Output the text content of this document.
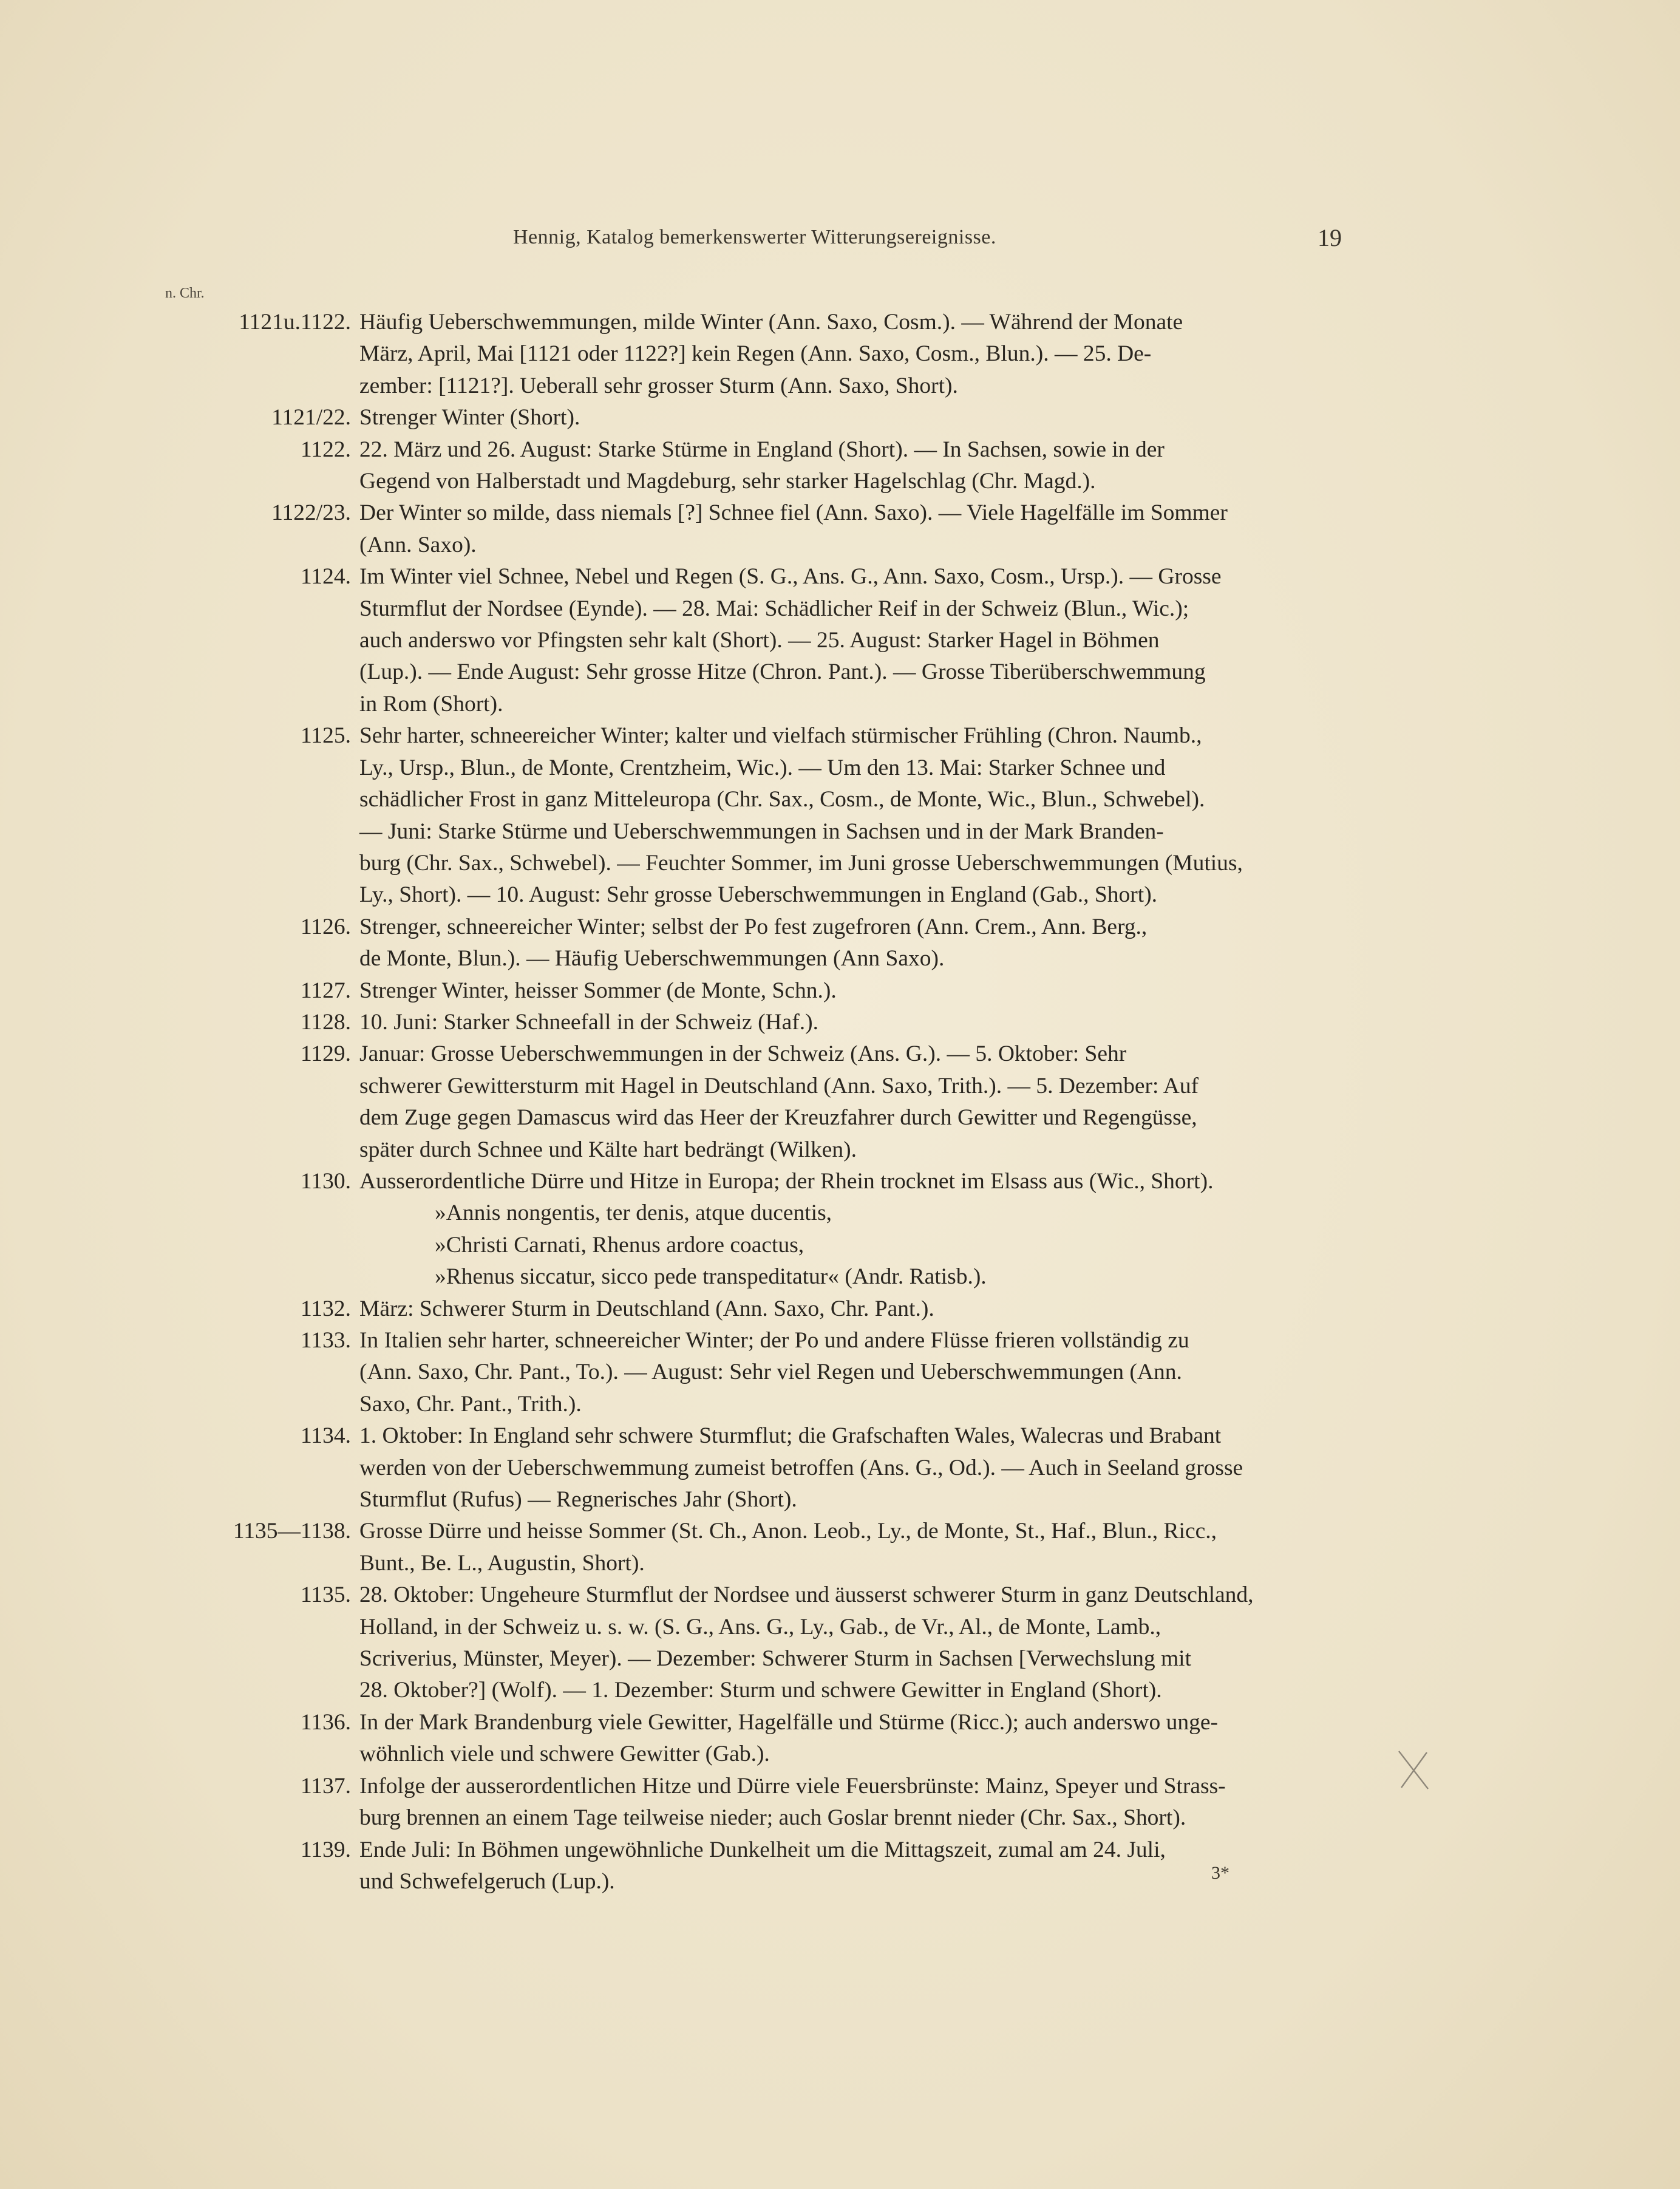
Hennig, Katalog bemerkenswerter Witterungsereignisse.	19
n. Chr.
1121u.1122. Häufig Ueberschwemmungen, milde Winter (Ann. Saxo, Cosm.). — Während der Monate
März, April, Mai [1121 oder 1122?] kein Regen (Ann. Saxo, Cosm., Blun.). — 25. De-
zember: [1121?]. Ueberall sehr grosser Sturm (Ann. Saxo, Short).
1121/22. Strenger Winter (Short).
1122. 22. März und 26. August: Starke Stürme in England (Short). — In Sachsen, sowie in der
Gegend von Halberstadt und Magdeburg, sehr starker Hagelschlag (Chr. Magd.).
1122/23. Der Winter so milde, dass niemals [?] Schnee fiel (Ann. Saxo). — Viele Hagelfälle im Sommer
(Ann. Saxo).
1124. Im Winter viel Schnee, Nebel und Regen (S. G., Ans. G., Ann. Saxo, Cosm., Ursp.). — Grosse
Sturmflut der Nordsee (Eynde). — 28. Mai: Schädlicher Reif in der Schweiz (Blun., Wic.);
auch anderswo vor Pfingsten sehr kalt (Short). — 25. August: Starker Hagel in Böhmen
(Lup.). — Ende August: Sehr grosse Hitze (Chron. Pant.). — Grosse Tiberüberschwemmung
in Rom (Short).
1125. Sehr harter, schneereicher Winter; kalter und vielfach stürmischer Frühling (Chron. Naumb.,
Ly., Ursp., Blun., de Monte, Crentzheim, Wic.). — Um den 13. Mai: Starker Schnee und
schädlicher Frost in ganz Mitteleuropa (Chr. Sax., Cosm., de Monte, Wic., Blun., Schwebel).
— Juni: Starke Stürme und Ueberschwemmungen in Sachsen und in der Mark Branden-
burg (Chr. Sax., Schwebel). — Feuchter Sommer, im Juni grosse Ueberschwemmungen (Mutius,
Ly., Short). — 10. August: Sehr grosse Ueberschwemmungen in England (Gab., Short).
1126. Strenger, schneereicher Winter; selbst der Po fest zugefroren (Ann. Crem., Ann. Berg.,
de Monte, Blun.). — Häufig Ueberschwemmungen (Ann Saxo).
1127. Strenger Winter, heisser Sommer (de Monte, Schn.).
1128. 10. Juni: Starker Schneefall in der Schweiz (Haf.).
1129. Januar: Grosse Ueberschwemmungen in der Schweiz (Ans. G.). — 5. Oktober: Sehr
schwerer Gewittersturm mit Hagel in Deutschland (Ann. Saxo, Trith.). — 5. Dezember: Auf
dem Zuge gegen Damascus wird das Heer der Kreuzfahrer durch Gewitter und Regengüsse,
später durch Schnee und Kälte hart bedrängt (Wilken).
1130. Ausserordentliche Dürre und Hitze in Europa; der Rhein trocknet im Elsass aus (Wic., Short).
»Annis nongentis, ter denis, atque ducentis,
»Christi Carnati, Rhenus ardore coactus,
»Rhenus siccatur, sicco pede transpeditatur« (Andr. Ratisb.).
1132. März: Schwerer Sturm in Deutschland (Ann. Saxo, Chr. Pant.).
1133. In Italien sehr harter, schneereicher Winter; der Po und andere Flüsse frieren vollständig zu
(Ann. Saxo, Chr. Pant., To.). — August: Sehr viel Regen und Ueberschwemmungen (Ann.
Saxo, Chr. Pant., Trith.).
1134. 1. Oktober: In England sehr schwere Sturmflut; die Grafschaften Wales, Walecras und Brabant
werden von der Ueberschwemmung zumeist betroffen (Ans. G., Od.). — Auch in Seeland grosse
Sturmflut (Rufus) — Regnerisches Jahr (Short).
1135—1138. Grosse Dürre und heisse Sommer (St. Ch., Anon. Leob., Ly., de Monte, St., Haf., Blun., Ricc.,
Bunt., Be. L., Augustin, Short).
1135. 28. Oktober: Ungeheure Sturmflut der Nordsee und äusserst schwerer Sturm in ganz Deutschland,
Holland, in der Schweiz u. s. w. (S. G., Ans. G., Ly., Gab., de Vr., Al., de Monte, Lamb.,
Scriverius, Münster, Meyer). — Dezember: Schwerer Sturm in Sachsen [Verwechslung mit
28. Oktober?] (Wolf). — 1. Dezember: Sturm und schwere Gewitter in England (Short).
1136. In der Mark Brandenburg viele Gewitter, Hagelfälle und Stürme (Ricc.); auch anderswo unge-
wöhnlich viele und schwere Gewitter (Gab.).
1137. Infolge der ausserordentlichen Hitze und Dürre viele Feuersbrünste: Mainz, Speyer und Strass-
burg brennen an einem Tage teilweise nieder; auch Goslar brennt nieder (Chr. Sax., Short).
1139. Ende Juli: In Böhmen ungewöhnliche Dunkelheit um die Mittagszeit, zumal am 24. Juli,
und Schwefelgeruch (Lup.).	3*
